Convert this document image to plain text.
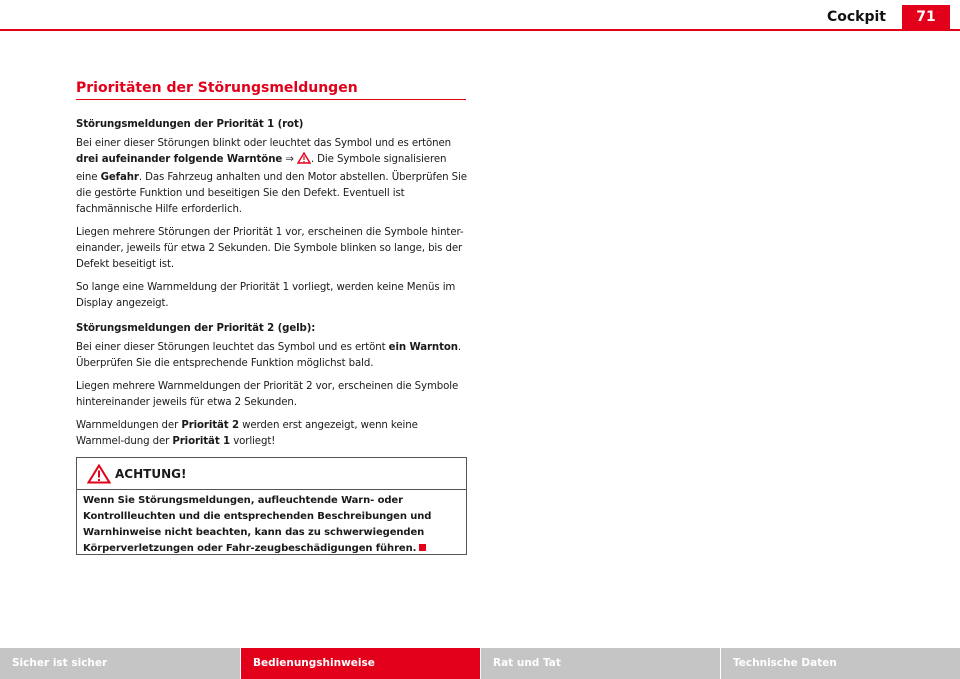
Cockpit	71
Prioritäten der Störungsmeldungen
Störungsmeldungen der Priorität 1 (rot)

Bei einer dieser Störungen blinkt oder leuchtet das Symbol und es ertönen drei aufeinander folgende Warntöne ⇒ . Die Symbole signalisieren eine Gefahr. Das Fahrzeug anhalten und den Motor abstellen. Überprüfen Sie die gestörte Funktion und beseitigen Sie den Defekt. Eventuell ist fachmännische Hilfe erforderlich.

Liegen mehrere Störungen der Priorität 1 vor, erscheinen die Symbole hinter-einander, jeweils für etwa 2 Sekunden. Die Symbole blinken so lange, bis der Defekt beseitigt ist.

So lange eine Warnmeldung der Priorität 1 vorliegt, werden keine Menüs im Display angezeigt.

Störungsmeldungen der Priorität 2 (gelb):

Bei einer dieser Störungen leuchtet das Symbol und es ertönt ein Warnton. Überprüfen Sie die entsprechende Funktion möglichst bald.

Liegen mehrere Warnmeldungen der Priorität 2 vor, erscheinen die Symbole hintereinander jeweils für etwa 2 Sekunden.

Warnmeldungen der Priorität 2 werden erst angezeigt, wenn keine Warnmel-dung der Priorität 1 vorliegt!

ACHTUNG!
Wenn Sie Störungsmeldungen, aufleuchtende Warn- oder Kontrollleuchten und die entsprechenden Beschreibungen und Warnhinweise nicht beachten, kann das zu schwerwiegenden Körperverletzungen oder Fahr-zeugbeschädigungen führen.
Sicher ist sicher	Bedienungshinweise	Rat und Tat	Technische Daten
